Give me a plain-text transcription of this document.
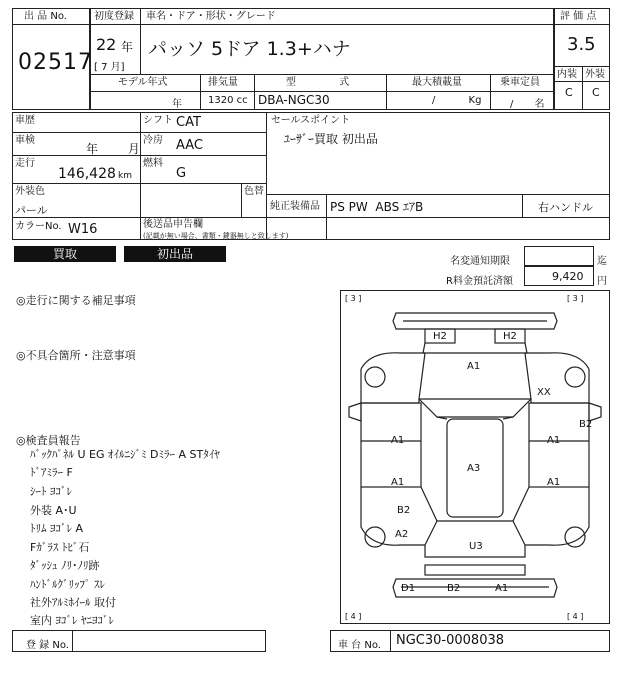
出 品 No.
02517
初度登録 車名・ドア・形状・グレード
22 年
[ 7 月]
パッソ 5ドア 1.3+ハナ
モデル年式	排気量	型 式	最大積載量	乗車定員
年	1320 cc DBA-NGC30	/ Kg	/ 名
評 価 点
3.5
内装 外装
C C
車歴	シフト CAT
車検
年 月
冷房 AAC
走行
146,428 km
燃料
G
外装色
パール
色替
カラーNo. W16	後送品申告欄
(記載が無い場合、書類・鍵器無しと致します)
セールスポイント
ﾕｰｻﾞｰ買取 初出品
純正装備品 PS PW  ABS ｴｱB	右ハンドル
買取	初出品
名変通知期限	迄
R料金預託済額	9,420 円
◎走行に関する補足事項
◎不具合箇所・注意事項
◎検査員報告
ﾊﾞｯｸﾊﾟﾈﾙ U EG ｵｲﾙﾆｼﾞﾐ Dﾐﾗｰ A STﾀｲﾔ
ﾄﾞｱﾐﾗｰ F
ｼｰﾄ ﾖｺﾞﾚ
外装 A･U
ﾄﾘﾑ ﾖｺﾞﾚ A
Fｶﾞﾗｽ ﾄﾋﾞ石
ﾀﾞｯｼｭ ﾉﾘ･ﾉﾘ跡
ﾊﾝﾄﾞﾙｸﾞﾘｯﾌﾟ ｽﾚ
社外ｱﾙﾐﾎｲｰﾙ 取付
室内 ﾖｺﾞﾚ ﾔﾆﾖｺﾞﾚ
[ 3 ]	[ 3 ]
[ 4 ]	[ 4 ]
H2	H2
A1
XX
B2
A1	A1
A3
A1	A1
B2
A2
U3
D1	B2	A1
登 録 No.	車 台 No. NGC30-0008038
